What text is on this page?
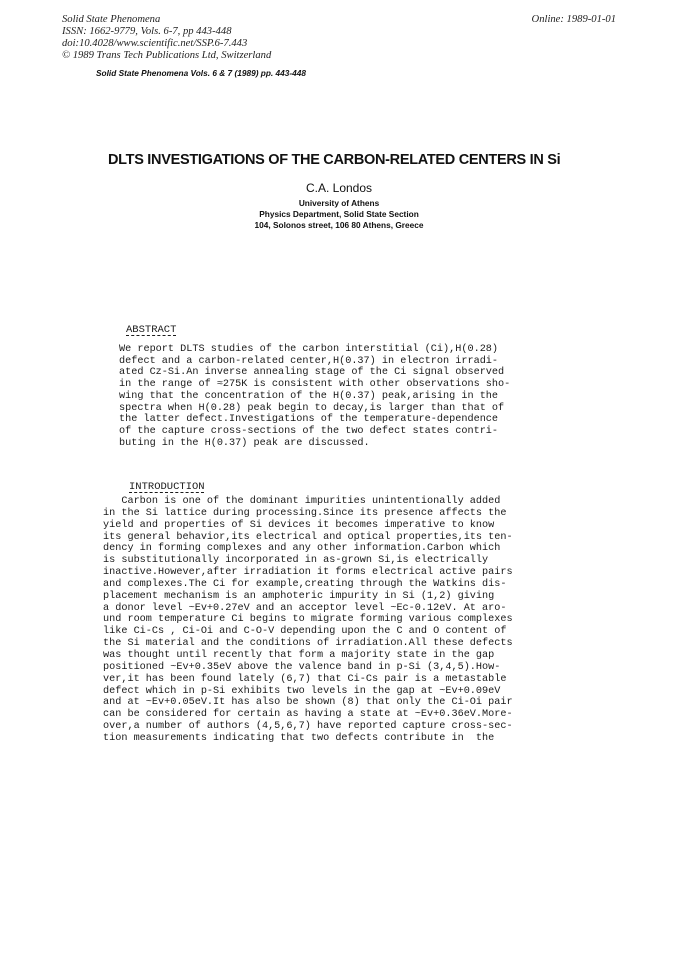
Solid State Phenomena
ISSN: 1662-9779, Vols. 6-7, pp 443-448
doi:10.4028/www.scientific.net/SSP.6-7.443
© 1989 Trans Tech Publications Ltd, Switzerland
Online: 1989-01-01
Solid State Phenomena Vols. 6 & 7 (1989) pp. 443-448
DLTS INVESTIGATIONS OF THE CARBON-RELATED CENTERS IN Si
C.A. Londos
University of Athens
Physics Department, Solid State Section
104, Solonos street, 106 80 Athens, Greece
ABSTRACT
We report DLTS studies of the carbon interstitial (Ci),H(0.28)
defect and a carbon-related center,H(0.37) in electron irradi-
ated Cz-Si.An inverse annealing stage of the Ci signal observed
in the range of ≈275K is consistent with other observations sho-
wing that the concentration of the H(0.37) peak,arising in the
spectra when H(0.28) peak begin to decay,is larger than that of
the latter defect.Investigations of the temperature-dependence
of the capture cross-sections of the two defect states contri-
buting in the H(0.37) peak are discussed.
INTRODUCTION
Carbon is one of the dominant impurities unintentionally added
in the Si lattice during processing.Since its presence affects the
yield and properties of Si devices it becomes imperative to know
its general behavior,its electrical and optical properties,its ten-
dency in forming complexes and any other information.Carbon which
is substitutionally incorporated in as-grown Si,is electrically
inactive.However,after irradiation it forms electrical active pairs
and complexes.The Ci for example,creating through the Watkins dis-
placement mechanism is an amphoteric impurity in Si (1,2) giving
a donor level ~Ev+0.27eV and an acceptor level ~Ec-0.12eV. At aro-
und room temperature Ci begins to migrate forming various complexes
like Ci-Cs , Ci-Oi and C-O-V depending upon the C and O content of
the Si material and the conditions of irradiation.All these defects
was thought until recently that form a majority state in the gap
positioned ~Ev+0.35eV above the valence band in p-Si (3,4,5).How-
ver,it has been found lately (6,7) that Ci-Cs pair is a metastable
defect which in p-Si exhibits two levels in the gap at ~Ev+0.09eV
and at ~Ev+0.05eV.It has also be shown (8) that only the Ci-Oi pair
can be considered for certain as having a state at ~Ev+0.36eV.More-
over,a number of authors (4,5,6,7) have reported capture cross-sec-
tion measurements indicating that two defects contribute in  the
